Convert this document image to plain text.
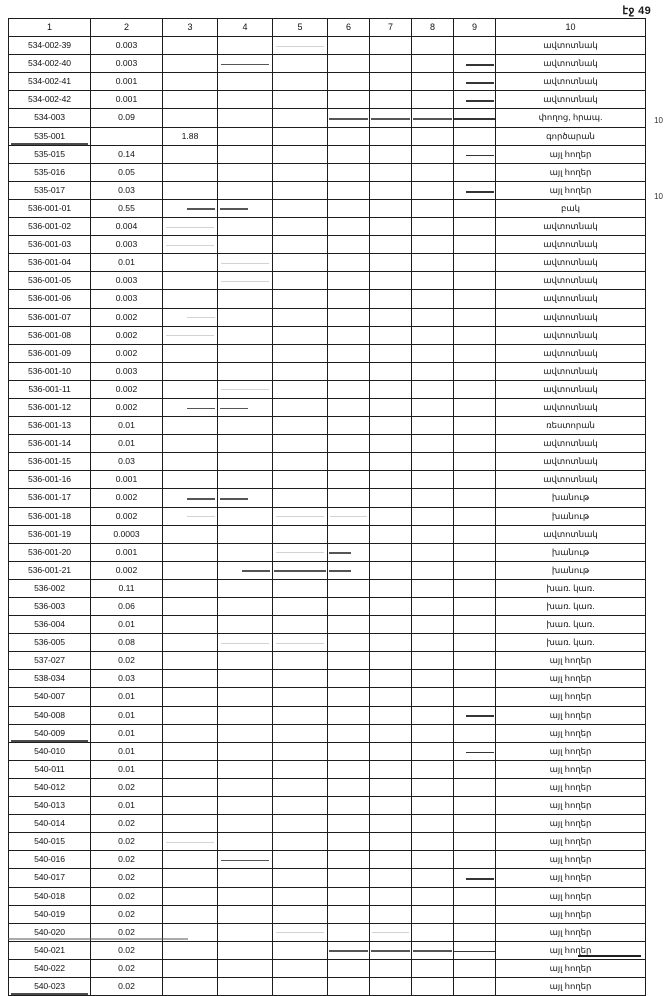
էջ 49
10
10
1	2	3	4	5	6	7	8	9	10
534-002-39	0.003								ավտոտնակ
534-002-40	0.003								ավտոտնակ
534-002-41	0.001								ավտոտնակ
534-002-42	0.001								ավտոտնակ
534-003	0.09								փողոց, հրապ.
535-001		1.88							գործարան
535-015	0.14								այլ հողեր
535-016	0.05								այլ հողեր
535-017	0.03								այլ հողեր
536-001-01	0.55								բակ
536-001-02	0.004								ավտոտնակ
536-001-03	0.003								ավտոտնակ
536-001-04	0.01								ավտոտնակ
536-001-05	0.003								ավտոտնակ
536-001-06	0.003								ավտոտնակ
536-001-07	0.002								ավտոտնակ
536-001-08	0.002								ավտոտնակ
536-001-09	0.002								ավտոտնակ
536-001-10	0.003								ավտոտնակ
536-001-11	0.002								ավտոտնակ
536-001-12	0.002								ավտոտնակ
536-001-13	0.01								ռեստորան
536-001-14	0.01								ավտոտնակ
536-001-15	0.03								ավտոտնակ
536-001-16	0.001								ավտոտնակ
536-001-17	0.002								խանութ
536-001-18	0.002								խանութ
536-001-19	0.0003								ավտոտնակ
536-001-20	0.001								խանութ
536-001-21	0.002								խանութ
536-002	0.11								խառ. կառ.
536-003	0.06								խառ. կառ.
536-004	0.01								խառ. կառ.
536-005	0.08								խառ. կառ.
537-027	0.02								այլ հողեր
538-034	0.03								այլ հողեր
540-007	0.01								այլ հողեր
540-008	0.01								այլ հողեր
540-009	0.01								այլ հողեր
540-010	0.01								այլ հողեր
540-011	0.01								այլ հողեր
540-012	0.02								այլ հողեր
540-013	0.01								այլ հողեր
540-014	0.02								այլ հողեր
540-015	0.02								այլ հողեր
540-016	0.02								այլ հողեր
540-017	0.02								այլ հողեր
540-018	0.02								այլ հողեր
540-019	0.02								այլ հողեր
540-020	0.02								այլ հողեր
540-021	0.02								այլ հողեր
540-022	0.02								այլ հողեր
540-023	0.02								այլ հողեր
